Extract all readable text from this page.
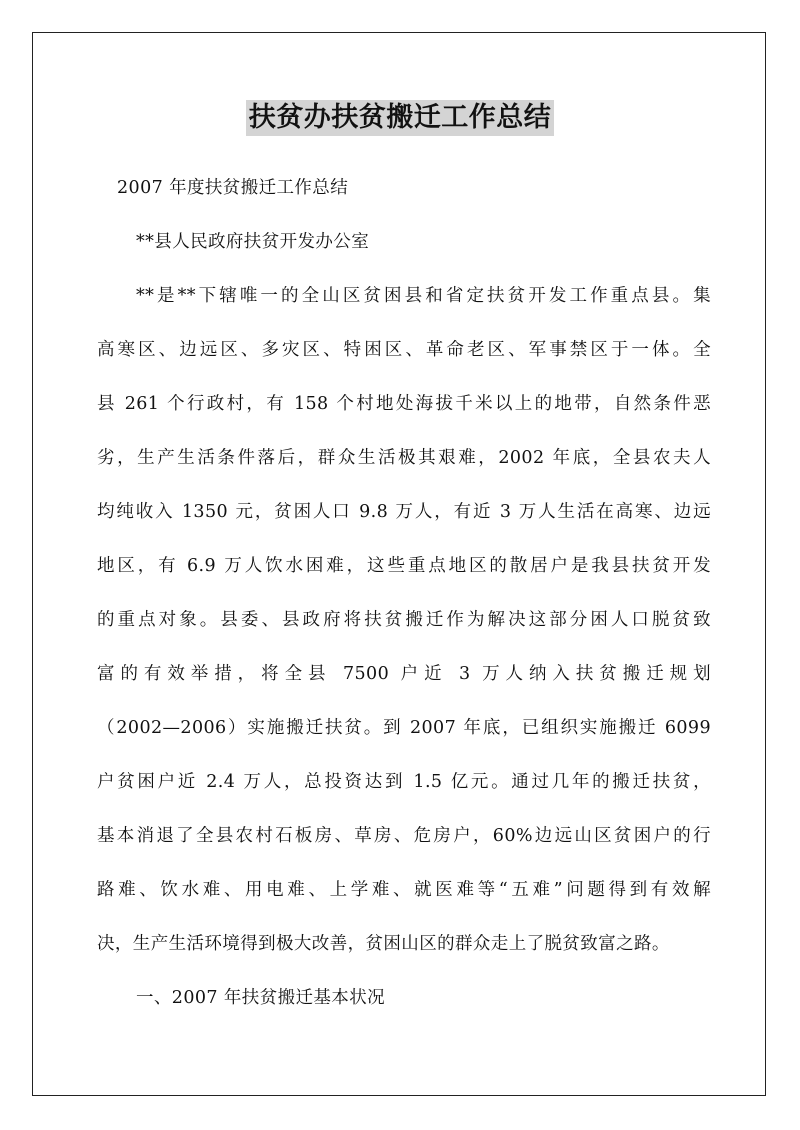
扶贫办扶贫搬迁工作总结
2007 年度扶贫搬迁工作总结
**县人民政府扶贫开发办公室
**是**下辖唯一的全山区贫困县和省定扶贫开发工作重点县。集
高寒区、边远区、多灾区、特困区、革命老区、军事禁区于一体。全
县 261 个行政村，有 158 个村地处海拔千米以上的地带，自然条件恶
劣，生产生活条件落后，群众生活极其艰难，2002 年底，全县农夫人
均纯收入 1350 元，贫困人口 9.8 万人，有近 3 万人生活在高寒、边远
地区，有 6.9 万人饮水困难，这些重点地区的散居户是我县扶贫开发
的重点对象。县委、县政府将扶贫搬迁作为解决这部分困人口脱贫致
富的有效举措，将全县 7500 户近 3 万人纳入扶贫搬迁规划
（2002—2006）实施搬迁扶贫。到 2007 年底，已组织实施搬迁 6099
户贫困户近 2.4 万人，总投资达到 1.5 亿元。通过几年的搬迁扶贫，
基本消退了全县农村石板房、草房、危房户，60%边远山区贫困户的行
路难、饮水难、用电难、上学难、就医难等“五难”问题得到有效解
决，生产生活环境得到极大改善，贫困山区的群众走上了脱贫致富之路。
一、2007 年扶贫搬迁基本状况
